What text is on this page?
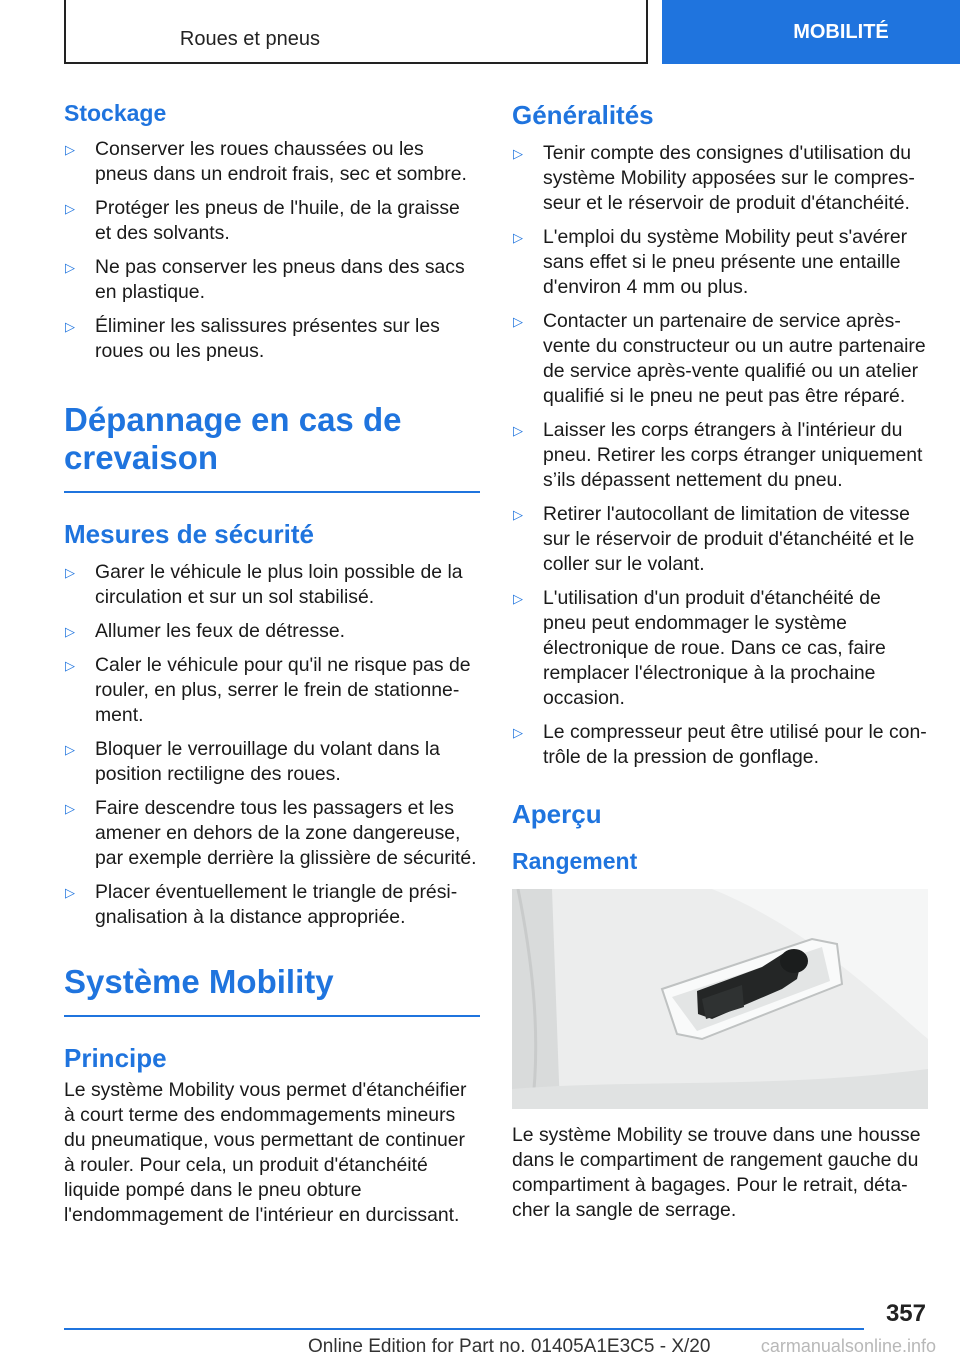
Roues et pneus	MOBILITÉ
Stockage
▷ Conserver les roues chaussées ou les pneus dans un endroit frais, sec et sombre.
▷ Protéger les pneus de l'huile, de la graisse et des solvants.
▷ Ne pas conserver les pneus dans des sacs en plastique.
▷ Éliminer les salissures présentes sur les roues ou les pneus.
Dépannage en cas de crevaison
Mesures de sécurité
▷ Garer le véhicule le plus loin possible de la circulation et sur un sol stabilisé.
▷ Allumer les feux de détresse.
▷ Caler le véhicule pour qu'il ne risque pas de rouler, en plus, serrer le frein de stationnement.
▷ Bloquer le verrouillage du volant dans la position rectiligne des roues.
▷ Faire descendre tous les passagers et les amener en dehors de la zone dangereuse, par exemple derrière la glissière de sécurité.
▷ Placer éventuellement le triangle de présignalisation à la distance appropriée.
Système Mobility
Principe

Le système Mobility vous permet d'étanchéifier à court terme des endommagements mineurs du pneumatique, vous permettant de continuer à rouler. Pour cela, un produit d'étanchéité liquide pompé dans le pneu obture l'endommagement de l'intérieur en durcissant.

Généralités
▷ Tenir compte des consignes d'utilisation du système Mobility apposées sur le compresseur et le réservoir de produit d'étanchéité.
▷ L'emploi du système Mobility peut s'avérer sans effet si le pneu présente une entaille d'environ 4 mm ou plus.
▷ Contacter un partenaire de service après-vente du constructeur ou un autre partenaire de service après-vente qualifié ou un atelier qualifié si le pneu ne peut pas être réparé.
▷ Laisser les corps étrangers à l'intérieur du pneu. Retirer les corps étranger uniquement s’ils dépassent nettement du pneu.
▷ Retirer l'autocollant de limitation de vitesse sur le réservoir de produit d'étanchéité et le coller sur le volant.
▷ L'utilisation d'un produit d'étanchéité de pneu peut endommager le système électronique de roue. Dans ce cas, faire remplacer l'électronique à la prochaine occasion.
▷ Le compresseur peut être utilisé pour le contrôle de la pression de gonflage.
Aperçu
Rangement

Le système Mobility se trouve dans une housse dans le compartiment de rangement gauche du compartiment à bagages. Pour le retrait, détacher la sangle de serrage.

357
Online Edition for Part no. 01405A1E3C5 - X/20	carmanualsonline.info
